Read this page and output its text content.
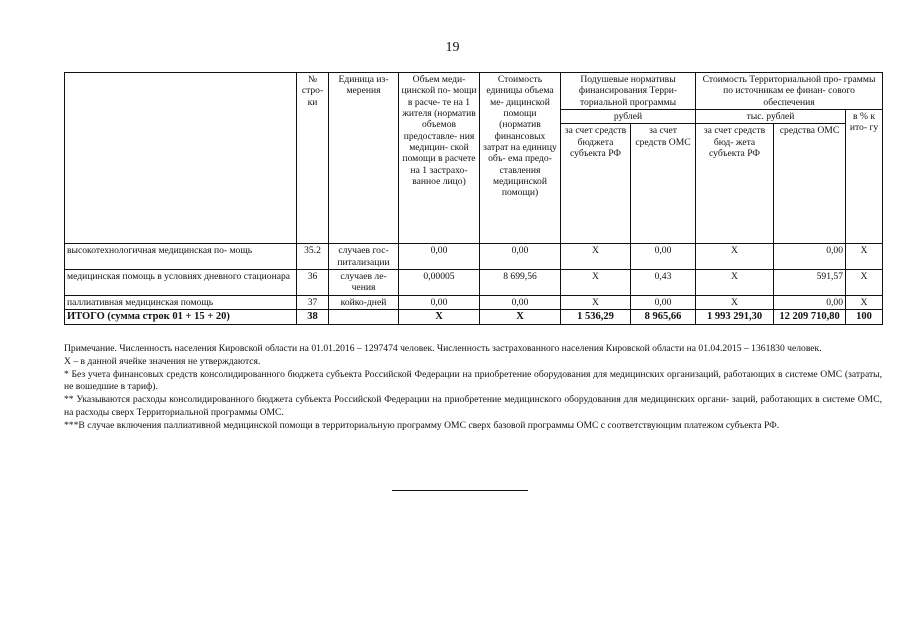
19
	№ стро- ки	Единица из- мерения	Объем меди- цинской по- мощи в расче- те на 1 жителя (норматив объемов предоставле- ния медицин- ской помощи в расчете на 1 застрахо- ванное лицо)	Стоимость единицы объема ме- дицинской помощи (норматив финансовых затрат на единицу объ- ема предо- ставления медицинской помощи)	Подушевые нормативы финансирования Терри- ториальной программы		Стоимость Территориальной про- граммы по источникам ее финан- сового обеспечения		
					рублей		тыс. рублей		в % к ито- гу
					за счет средств бюджета субъекта РФ	за счет средств ОМС	за счет средств бюд- жета субъекта РФ	средства ОМС	
высокотехнологичная медицинская по- мощь	35.2	случаев гос- питализации	0,00	0,00	X	0,00	X	0,00	X
медицинская помощь в условиях дневного стационара	36	случаев ле- чения	0,00005	8 699,56	X	0,43	X	591,57	X
паллиативная медицинская помощь	37	койко-дней	0,00	0,00	X	0,00	X	0,00	X
ИТОГО (сумма строк 01 + 15 + 20)	38		X	X	1 536,29	8 965,66	1 993 291,30	12 209 710,80	100

Примечание. Численность населения Кировской области на 01.01.2016 – 1297474 человек. Численность застрахованного населения Кировской области на 01.04.2015 – 1361830 человек.

X – в данной ячейке значения не утверждаются.

* Без учета финансовых средств консолидированного бюджета субъекта Российской Федерации на приобретение оборудования для медицинских организаций, работающих в системе ОМС (затраты, не вошедшие в тариф).

** Указываются расходы консолидированного бюджета субъекта Российской Федерации на приобретение медицинского оборудования для медицинских органи- заций, работающих в системе ОМС, на расходы сверх Территориальной программы ОМС.

***В случае включения паллиативной медицинской помощи в территориальную программу ОМС сверх базовой программы ОМС с соответствующим платежом субъекта РФ.
